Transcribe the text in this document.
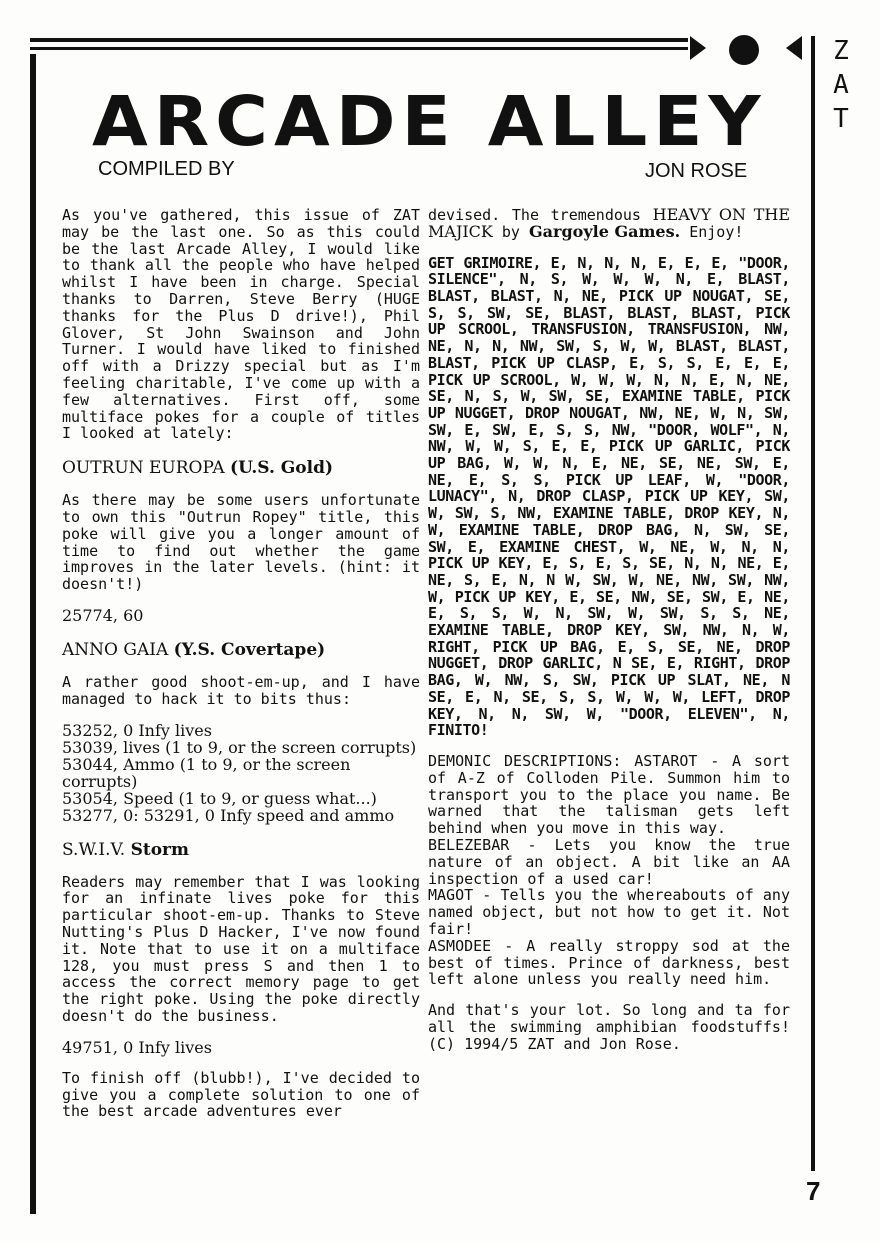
Z
A
T
ARCADE ALLEY
COMPILED BY	JON ROSE

As you've gathered, this issue of ZAT may be the last one. So as this could be the last Arcade Alley, I would like to thank all the people who have helped whilst I have been in charge. Special thanks to Darren, Steve Berry (HUGE thanks for the Plus D drive!), Phil Glover, St John Swainson and John Turner. I would have liked to finished off with a Drizzy special but as I'm feeling charitable, I've come up with a few alternatives. First off, some multiface pokes for a couple of titles I looked at lately:

OUTRUN EUROPA (U.S. Gold)

As there may be some users unfortunate to own this "Outrun Ropey" title, this poke will give you a longer amount of time to find out whether the game improves in the later levels. (hint: it doesn't!)

25774, 60

ANNO GAIA (Y.S. Covertape)

A rather good shoot-em-up, and I have managed to hack it to bits thus:

53252, 0 Infy lives

53039, lives (1 to 9, or the screen corrupts)

53044, Ammo (1 to 9, or the screen corrupts)

53054, Speed (1 to 9, or guess what...)

53277, 0: 53291, 0 Infy speed and ammo

S.W.I.V. Storm

Readers may remember that I was looking for an infinate lives poke for this particular shoot-em-up. Thanks to Steve Nutting's Plus D Hacker, I've now found it. Note that to use it on a multiface 128, you must press S and then 1 to access the correct memory page to get the right poke. Using the poke directly doesn't do the business.

49751, 0 Infy lives

To finish off (blubb!), I've decided to give you a complete solution to one of the best arcade adventures ever

devised. The tremendous HEAVY ON THE MAJICK by Gargoyle Games. Enjoy!

GET GRIMOIRE, E, N, N, N, E, E, E, "DOOR, SILENCE", N, S, W, W, W, N, E, BLAST, BLAST, BLAST, N, NE, PICK UP NOUGAT, SE, S, S, SW, SE, BLAST, BLAST, BLAST, PICK UP SCROOL, TRANSFUSION, TRANSFUSION, NW, NE, N, N, NW, SW, S, W, W, BLAST, BLAST, BLAST, PICK UP CLASP, E, S, S, E, E, E, PICK UP SCROOL, W, W, W, N, N, E, N, NE, SE, N, S, W, SW, SE, EXAMINE TABLE, PICK UP NUGGET, DROP NOUGAT, NW, NE, W, N, SW, SW, E, SW, E, S, S, NW, "DOOR, WOLF", N, NW, W, W, S, E, E, PICK UP GARLIC, PICK UP BAG, W, W, N, E, NE, SE, NE, SW, E, NE, E, S, S, PICK UP LEAF, W, "DOOR, LUNACY", N, DROP CLASP, PICK UP KEY, SW, W, SW, S, NW, EXAMINE TABLE, DROP KEY, N, W, EXAMINE TABLE, DROP BAG, N, SW, SE, SW, E, EXAMINE CHEST, W, NE, W, N, N, PICK UP KEY, E, S, E, S, SE, N, N, NE, E, NE, S, E, N, N W, SW, W, NE, NW, SW, NW, W, PICK UP KEY, E, SE, NW, SE, SW, E, NE, E, S, S, W, N, SW, W, SW, S, S, NE, EXAMINE TABLE, DROP KEY, SW, NW, N, W, RIGHT, PICK UP BAG, E, S, SE, NE, DROP NUGGET, DROP GARLIC, N SE, E, RIGHT, DROP BAG, W, NW, S, SW, PICK UP SLAT, NE, N SE, E, N, SE, S, S, W, W, W, LEFT, DROP KEY, N, N, SW, W, "DOOR, ELEVEN", N, FINITO!

DEMONIC DESCRIPTIONS: ASTAROT - A sort of A-Z of Colloden Pile. Summon him to transport you to the place you name. Be warned that the talisman gets left behind when you move in this way.

BELEZEBAR - Lets you know the true nature of an object. A bit like an AA inspection of a used car!

MAGOT - Tells you the whereabouts of any named object, but not how to get it. Not fair!

ASMODEE - A really stroppy sod at the best of times. Prince of darkness, best left alone unless you really need him.

And that's your lot. So long and ta for all the swimming amphibian foodstuffs! (C) 1994/5 ZAT and Jon Rose.

7
